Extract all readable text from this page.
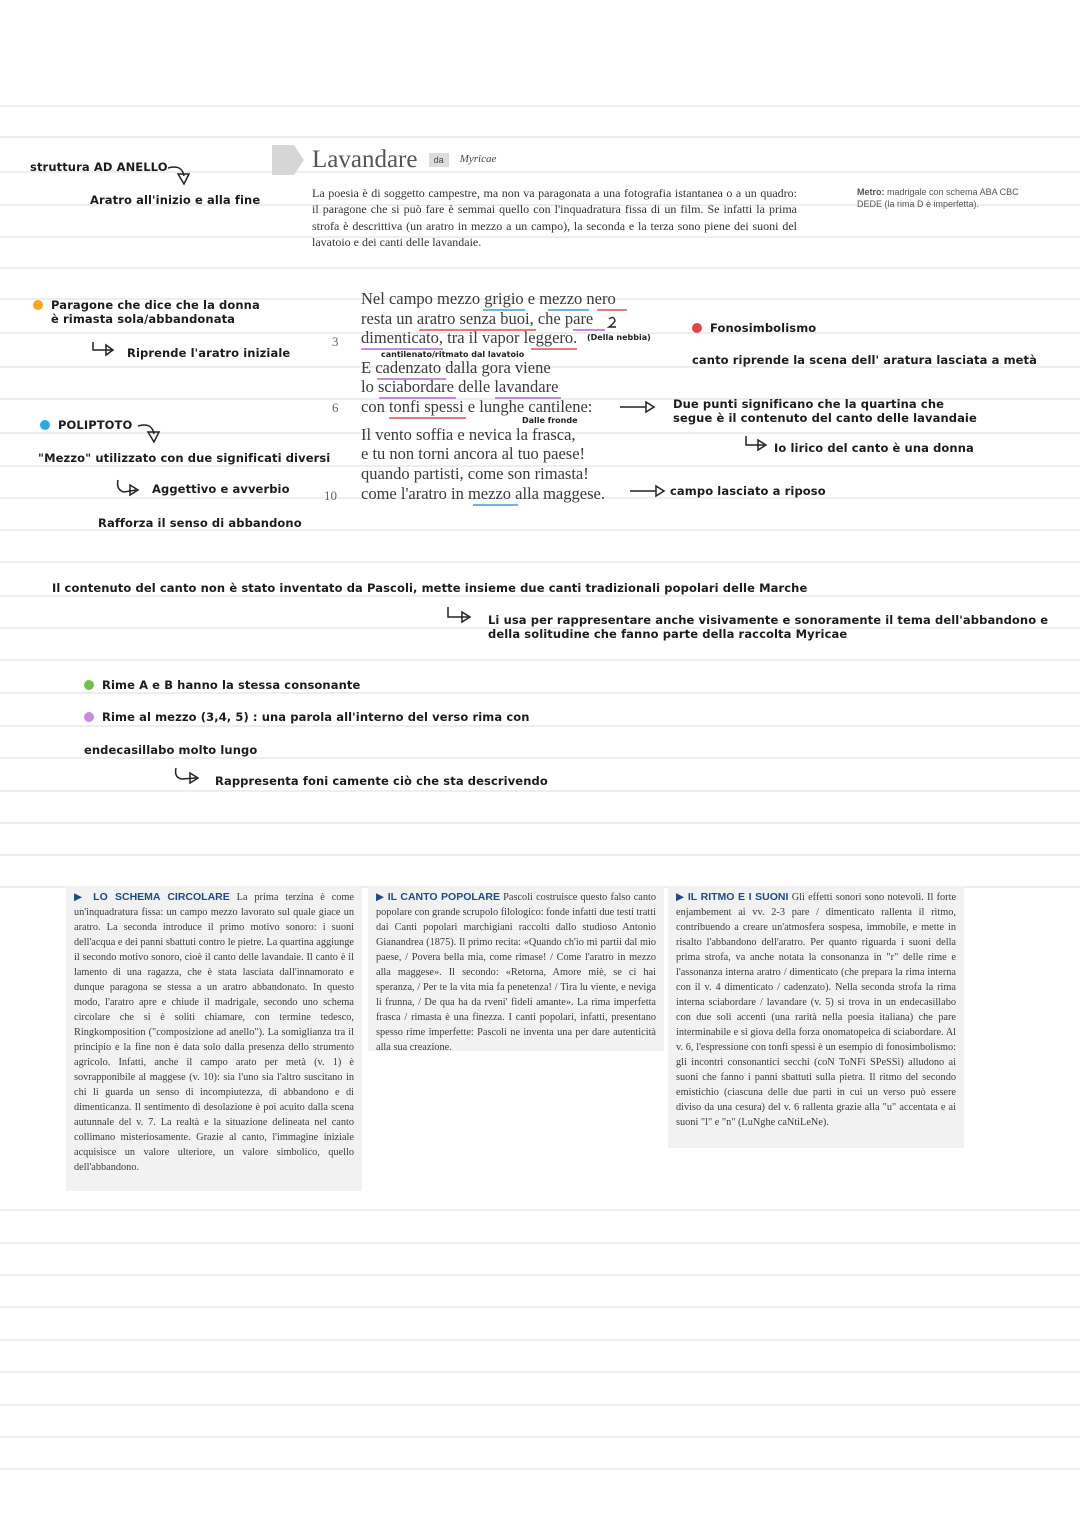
struttura AD ANELLO
Aratro all'inizio e alla fine
Lavandare da $^{Myricae}$
La poesia è di soggetto campestre, ma non va paragonata a una fotografia istantanea o a un quadro: il paragone che si può fare è semmai quello con l'inquadratura fissa di un film. Se infatti la prima strofa è descrittiva (un aratro in mezzo a un campo), la seconda e la terza sono piene dei suoni del lavatoio e dei canti delle lavandaie.
Metro: madrigale con schema ABA CBC DEDE (la rima D è imperfetta).
Paragone che dice che la donna è rimasta sola/abbandonata
Riprende l'aratro iniziale
POLIPTOTO
"Mezzo" utilizzato con due significati diversi
Aggettivo e avverbio
Rafforza il senso di abbandono
Nel campo mezzo grigio e mezzo nero
resta un aratro senza buoi, che pare
3 dimenticato, tra il vapor leggero. (Della nebbia)
cantilenato/ritmato dal lavatoio
E cadenzato dalla gora viene
lo sciabordare delle lavandare
6 con tonfi spessi e lunghe cantilene:
Dalle fronde
Il vento soffia e nevica la frasca,
e tu non torni ancora al tuo paese!
quando partisti, come son rimasta!
10 come l'aratro in mezzo alla maggese.
Fonosimbolismo
canto riprende la scena dell' aratura lasciata a metà
Due punti significano che la quartina che
segue è il contenuto del canto delle lavandaie
Io lirico del canto è una donna
campo lasciato a riposo
Il contenuto del canto non è stato inventato da Pascoli, mette insieme due canti tradizionali popolari delle Marche
Li usa per rappresentare anche visivamente e sonoramente il tema dell'abbandono e
della solitudine che fanno parte della raccolta Myricae
Rime A e B hanno la stessa consonante
Rime al mezzo (3,4, 5) : una parola all'interno del verso rima con
endecasillabo molto lungo
Rappresenta foni camente ciò che sta descrivendo
▶ LO SCHEMA CIRCOLARE La prima terzina è come un'inquadratura fissa: un campo mezzo lavorato sul quale giace un aratro. La seconda introduce il primo motivo sonoro: i suoni dell'acqua e dei panni sbattuti contro le pietre. La quartina aggiunge il secondo motivo sonoro, cioè il canto delle lavandaie. Il canto è il lamento di una ragazza, che è stata lasciata dall'innamorato e dunque paragona se stessa a un aratro abbandonato. In questo modo, l'aratro apre e chiude il madrigale, secondo uno schema circolare che si è soliti chiamare, con termine tedesco, Ringkomposition ("composizione ad anello"). La somiglianza tra il principio e la fine non è data solo dalla presenza dello strumento agricolo. Infatti, anche il campo arato per metà (v. 1) è sovrapponibile al maggese (v. 10): sia l'uno sia l'altro suscitano in chi li guarda un senso di incompiutezza, di abbandono e di dimenticanza. Il sentimento di desolazione è poi acuito dalla scena autunnale del v. 7. La realtà e la situazione delineata nel canto collimano misteriosamente. Grazie al canto, l'immagine iniziale acquisisce un valore ulteriore, un valore simbolico, quello dell'abbandono.
▶ IL CANTO POPOLARE Pascoli costruisce questo falso canto popolare con grande scrupolo filologico: fonde infatti due testi tratti dai Canti popolari marchigiani raccolti dallo studioso Antonio Gianandrea (1875). Il primo recita: «Quando ch'io mi partii dal mio paese, / Povera bella mia, come rimase! / Come l'aratro in mezzo alla maggese». Il secondo: «Retorna, Amore miè, se ci hai speranza, / Per te la vita mia fa penetenza! / Tira lu viente, e neviga li frunna, / De qua ha da rveni' fideli amante». La rima imperfetta frasca / rimasta è una finezza. I canti popolari, infatti, presentano spesso rime imperfette: Pascoli ne inventa una per dare autenticità alla sua creazione.
▶ IL RITMO E I SUONI Gli effetti sonori sono notevoli. Il forte enjambement ai vv. 2-3 pare / dimenticato rallenta il ritmo, contribuendo a creare un'atmosfera sospesa, immobile, e mette in risalto l'abbandono dell'aratro. Per quanto riguarda i suoni della prima strofa, va anche notata la consonanza in "r" delle rime e l'assonanza interna aratro / dimenticato (che prepara la rima interna con il v. 4 dimenticato / cadenzato). Nella seconda strofa la rima interna sciabordare / lavandare (v. 5) si trova in un endecasillabo con due soli accenti (una rarità nella poesia italiana) che pare interminabile e si giova della forza onomatopeica di sciabordare. Al v. 6, l'espressione con tonfi spessi è un esempio di fonosimbolismo: gli incontri consonantici secchi (coN ToNFi SPeSSi) alludono ai suoni che fanno i panni sbattuti sulla pietra. Il ritmo del secondo emistichio (ciascuna delle due parti in cui un verso può essere diviso da una cesura) del v. 6 rallenta grazie alla "u" accentata e ai suoni "l" e "n" (LuNghe caNtiLeNe).
